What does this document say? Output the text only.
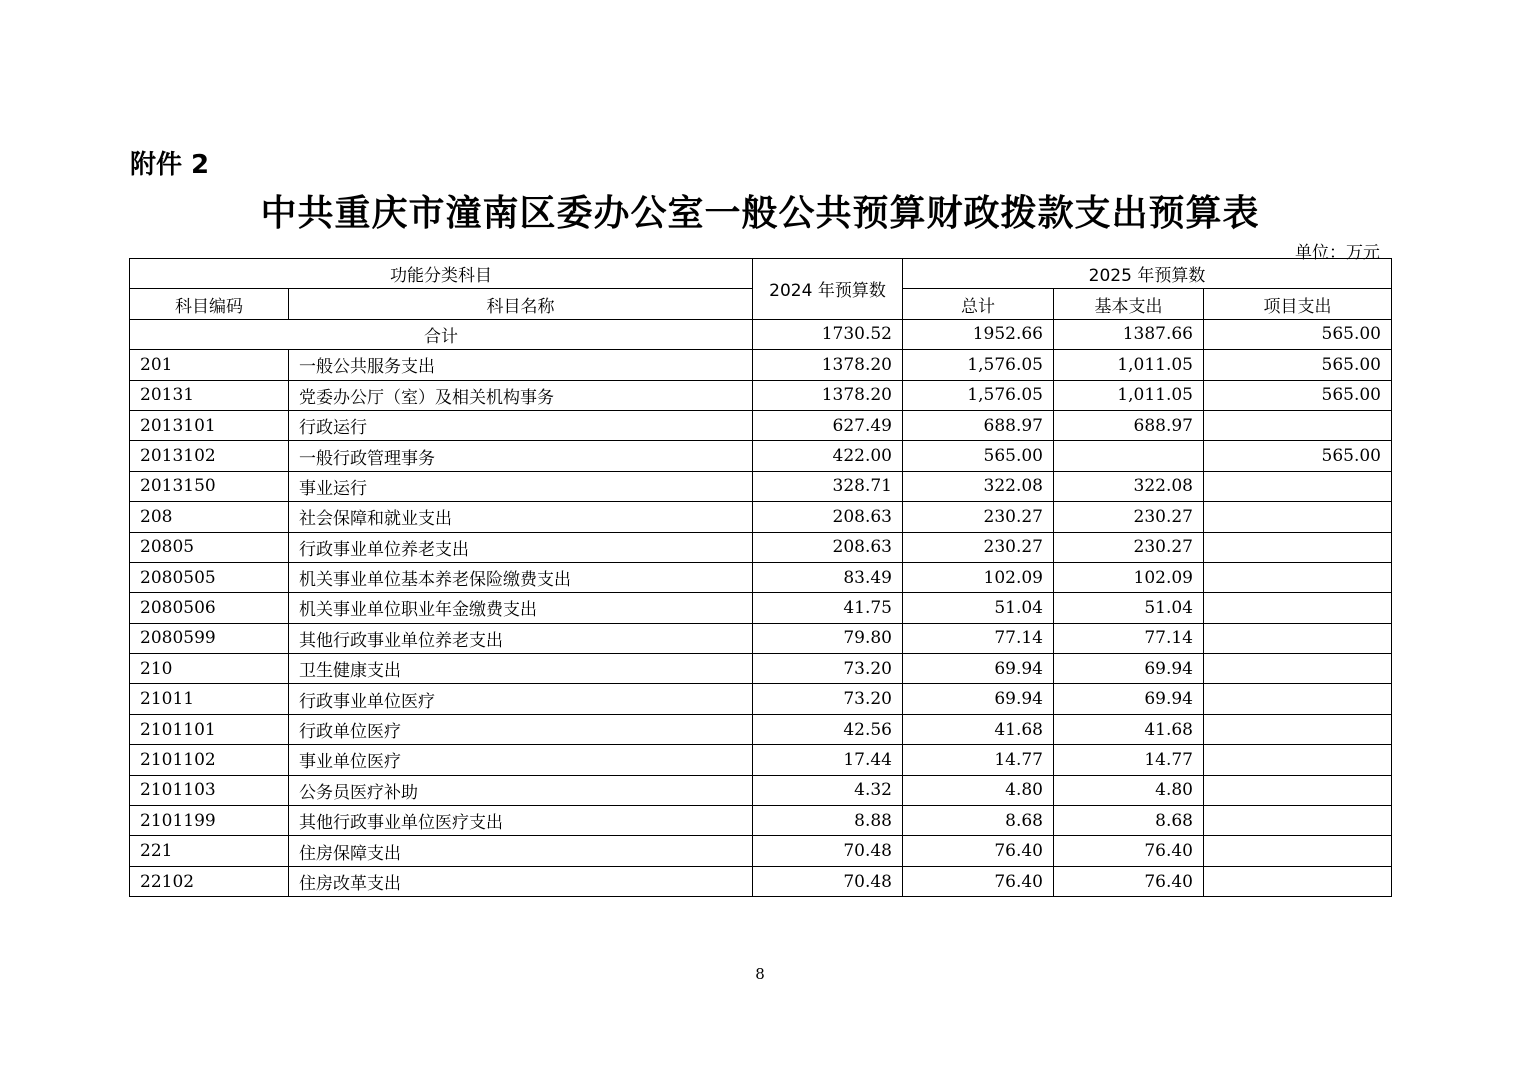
附件 2
中共重庆市潼南区委办公室一般公共预算财政拨款支出预算表
单位：万元
功能分类科目		2024 年预算数	2025 年预算数		
科目编码	科目名称		总计	基本支出	项目支出
合计		1730.52	1952.66	1387.66	565.00
201	一般公共服务支出	1378.20	1,576.05	1,011.05	565.00
20131	党委办公厅（室）及相关机构事务	1378.20	1,576.05	1,011.05	565.00
2013101	行政运行	627.49	688.97	688.97	
2013102	一般行政管理事务	422.00	565.00		565.00
2013150	事业运行	328.71	322.08	322.08	
208	社会保障和就业支出	208.63	230.27	230.27	
20805	行政事业单位养老支出	208.63	230.27	230.27	
2080505	机关事业单位基本养老保险缴费支出	83.49	102.09	102.09	
2080506	机关事业单位职业年金缴费支出	41.75	51.04	51.04	
2080599	其他行政事业单位养老支出	79.80	77.14	77.14	
210	卫生健康支出	73.20	69.94	69.94	
21011	行政事业单位医疗	73.20	69.94	69.94	
2101101	行政单位医疗	42.56	41.68	41.68	
2101102	事业单位医疗	17.44	14.77	14.77	
2101103	公务员医疗补助	4.32	4.80	4.80	
2101199	其他行政事业单位医疗支出	8.88	8.68	8.68	
221	住房保障支出	70.48	76.40	76.40	
22102	住房改革支出	70.48	76.40	76.40	
8
